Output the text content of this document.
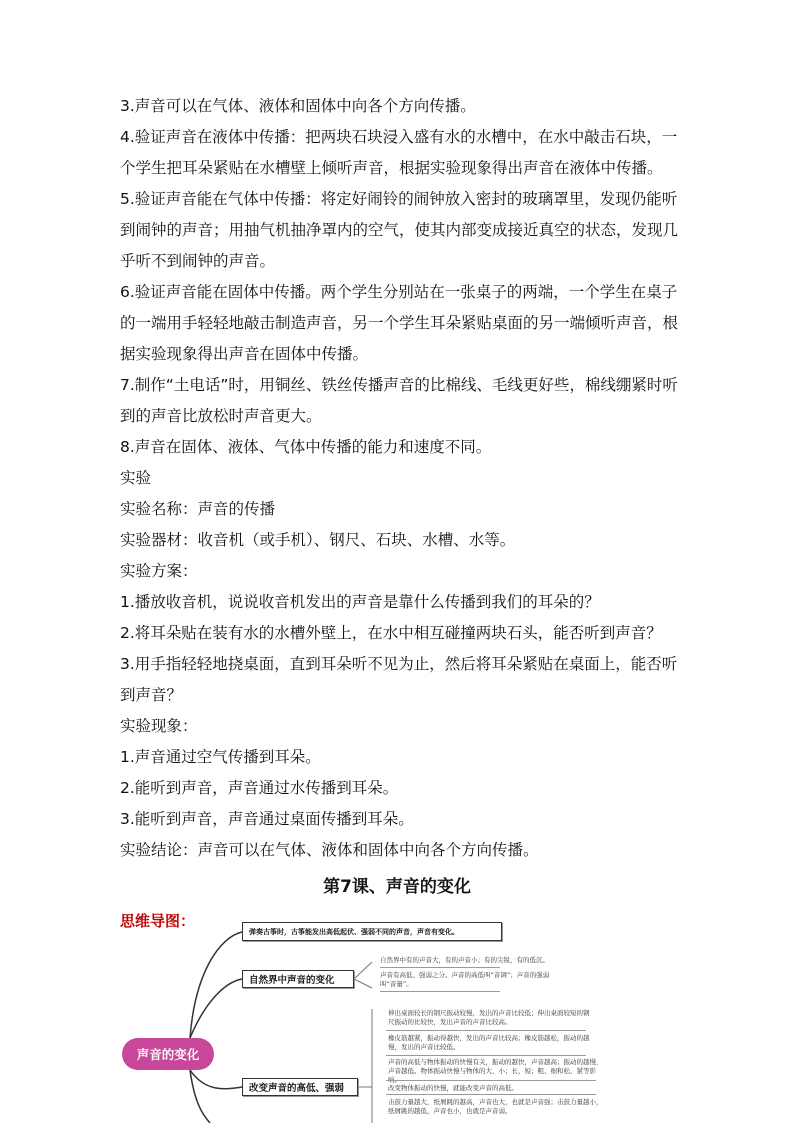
3.声音可以在气体、液体和固体中向各个方向传播。

4.验证声音在液体中传播：把两块石块浸入盛有水的水槽中，在水中敲击石块，一个学生把耳朵紧贴在水槽壁上倾听声音，根据实验现象得出声音在液体中传播。

5.验证声音能在气体中传播：将定好闹铃的闹钟放入密封的玻璃罩里，发现仍能听到闹钟的声音；用抽气机抽净罩内的空气，使其内部变成接近真空的状态，发现几乎听不到闹钟的声音。

6.验证声音能在固体中传播。两个学生分别站在一张桌子的两端，一个学生在桌子的一端用手轻轻地敲击制造声音，另一个学生耳朵紧贴桌面的另一端倾听声音，根据实验现象得出声音在固体中传播。

7.制作“土电话”时，用铜丝、铁丝传播声音的比棉线、毛线更好些，棉线绷紧时听到的声音比放松时声音更大。

8.声音在固体、液体、气体中传播的能力和速度不同。

实验

实验名称：声音的传播

实验器材：收音机（或手机）、钢尺、石块、水槽、水等。

实验方案：

1.播放收音机，说说收音机发出的声音是靠什么传播到我们的耳朵的？

2.将耳朵贴在装有水的水槽外壁上，在水中相互碰撞两块石头，能否听到声音？

3.用手指轻轻地挠桌面，直到耳朵听不见为止，然后将耳朵紧贴在桌面上，能否听到声音？

实验现象：

1.声音通过空气传播到耳朵。

2.能听到声音，声音通过水传播到耳朵。

3.能听到声音，声音通过桌面传播到耳朵。

实验结论：声音可以在气体、液体和固体中向各个方向传播。

第7课、声音的变化
思维导图：
声音的变化
弹奏古筝时，古筝能发出高低起伏、强弱不同的声音，声音有变化。
自然界中声音的变化
改变声音的高低、强弱
自然界中有的声音大，有的声音小；有的尖锐，有的低沉。
声音有高低、强弱之分。声音的高低叫“音调”；声音的强弱叫“音量”。
伸出桌面较长的钢尺振动较慢，发出的声音比较低；伸出桌面较短的钢尺振动的比较快，发出声音的声音比较高。
橡皮筋越紧，振动得越快，发出的声音比较高；橡皮筋越松，振动的越慢，发出的声音比较低。
声音的高低与物体振动的快慢有关，振动的越快，声音越高；振动的越慢，声音越低。物体振动快慢与物体的大、小；长、短；粗、细和松、紧等影响。
改变物体振动的快慢，就能改变声音的高低。
击鼓力量越大，纸屑跳的越高，声音也大，也就是声音强；击鼓力量越小，纸屑跳的越低，声音也小，也就是声音弱。
